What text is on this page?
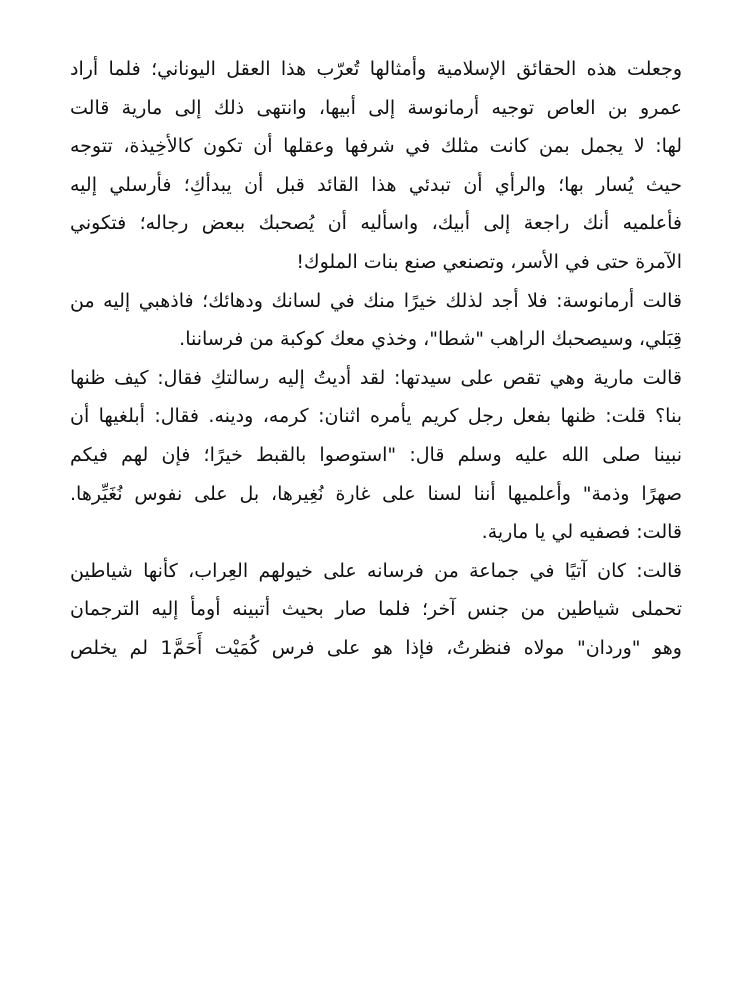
وجعلت هذه الحقائق الإسلامية وأمثالها تُعرّب هذا العقل اليوناني؛ فلما أراد
عمرو بن العاص توجيه أرمانوسة إلى أبيها، وانتهى ذلك إلى مارية قالت
لها: لا يجمل بمن كانت مثلك في شرفها وعقلها أن تكون كالأخِيذة، تتوجه
حيث يُسار بها؛ والرأي أن تبدئي هذا القائد قبل أن يبدأكِ؛ فأرسلي إليه
فأعلميه أنك راجعة إلى أبيك، واسأليه أن يُصحبك ببعض رجاله؛ فتكوني
الآمرة حتى في الأسر، وتصنعي صنع بنات الملوك!
قالت أرمانوسة: فلا أجد لذلك خيرًا منك في لسانك ودهائك؛ فاذهبي إليه من
قِبَلي، وسيصحبك الراهب "شطا"، وخذي معك كوكبة من فرساننا.
قالت مارية وهي تقص على سيدتها: لقد أديتُ إليه رسالتكِ فقال: كيف ظنها
بنا؟ قلت: ظنها بفعل رجل كريم يأمره اثنان: كرمه، ودينه. فقال: أبلغيها أن
نبينا صلى الله عليه وسلم قال: "استوصوا بالقبط خيرًا؛ فإن لهم فيكم
صهرًا وذمة" وأعلميها أننا لسنا على غارة نُغِيرها، بل على نفوس نُغَيِّرها.
قالت: فصفيه لي يا مارية.
قالت: كان آتيًا في جماعة من فرسانه على خيولهم العِراب، كأنها شياطين
تحملى شياطين من جنس آخر؛ فلما صار بحيث أتبينه أومأ إليه الترجمان
وهو "وردان" مولاه فنظرتُ، فإذا هو على فرس كُمَيْت أَحَمَّ1 لم يخلص
